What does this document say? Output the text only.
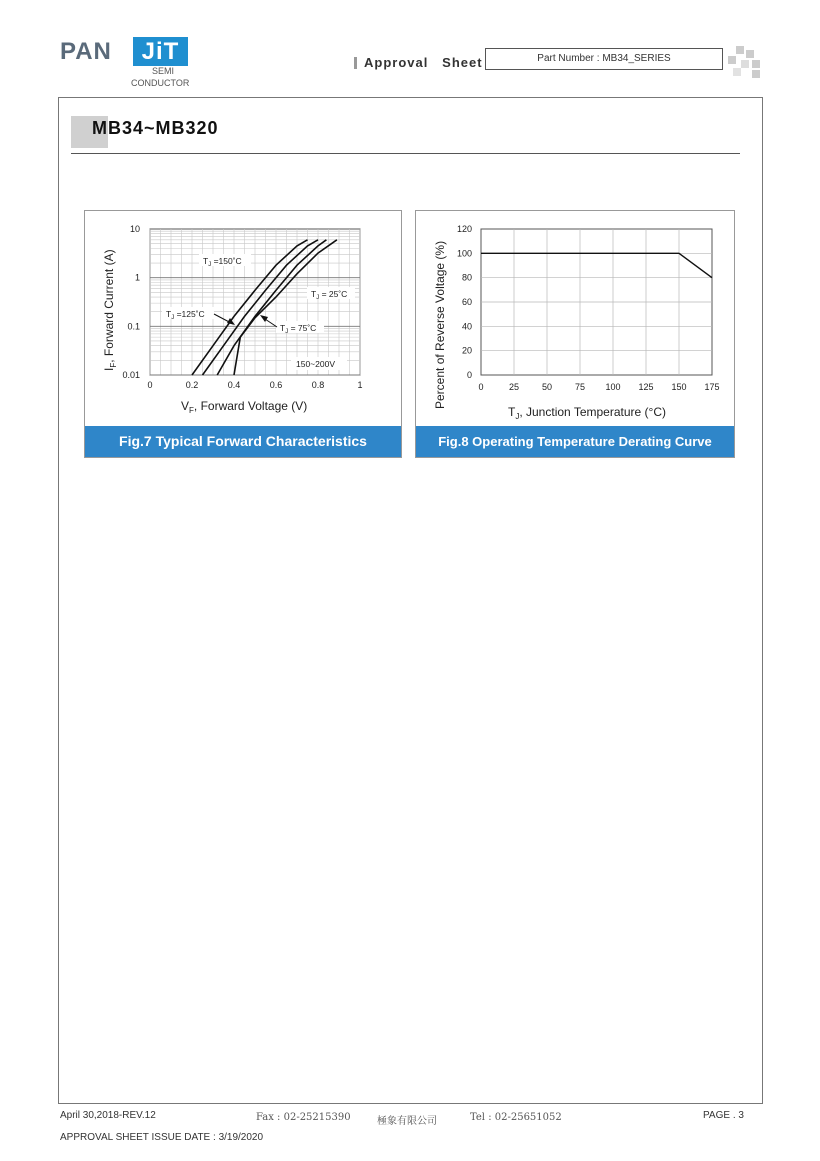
PAN	JiT
SEMI
CONDUCTOR
Approval   Sheet	Part Number : MB34_SERIES
MB34~MB320
0	0.2	0.4	0.6	0.8	1
10
1
0.1
0.01
$I_F$, Forward Current (A)
$V_F$, Forward Voltage (V)
$T_J$ =150˚C
$T_J$ =125˚C
$T_J$ = 25˚C
$T_J$ = 75˚C
150~200V
Fig.7 Typical Forward Characteristics
0	25	50	75 100 125 150 175
120
100
80
60
40
20
0
Percent of Reverse Voltage (%)
$T_J$, Junction Temperature (°C)
Fig.8 Operating Temperature Derating Curve
April 30,2018-REV.12	Fax : 02-25215390	極象有限公司	Tel : 02-25651052	PAGE . 3
APPROVAL SHEET ISSUE DATE : 3/19/2020
